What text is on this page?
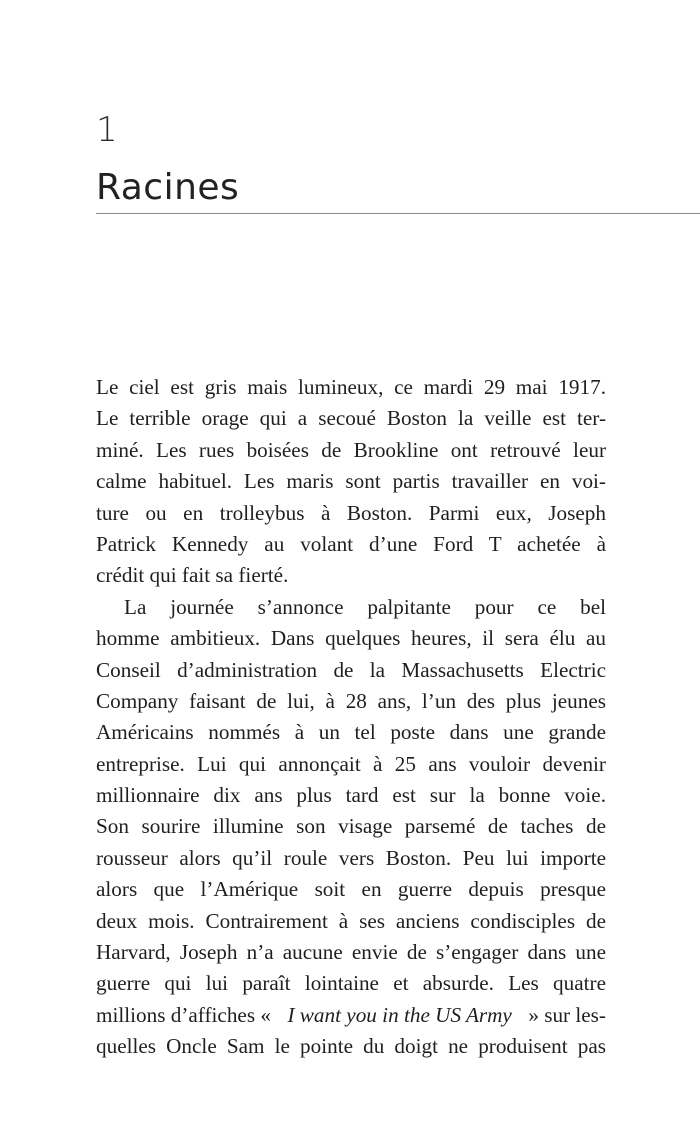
1
Racines
Le ciel est gris mais lumineux, ce mardi 29 mai 1917.
Le terrible orage qui a secoué Boston la veille est ter-
miné. Les rues boisées de Brookline ont retrouvé leur
calme habituel. Les maris sont partis travailler en voi-
ture ou en trolleybus à Boston. Parmi eux, Joseph
Patrick Kennedy au volant d’une Ford T achetée à
crédit qui fait sa fierté.
La journée s’annonce palpitante pour ce bel
homme ambitieux. Dans quelques heures, il sera élu au
Conseil d’administration de la Massachusetts Electric
Company faisant de lui, à 28 ans, l’un des plus jeunes
Américains nommés à un tel poste dans une grande
entreprise. Lui qui annonçait à 25 ans vouloir devenir
millionnaire dix ans plus tard est sur la bonne voie.
Son sourire illumine son visage parsemé de taches de
rousseur alors qu’il roule vers Boston. Peu lui importe
alors que l’Amérique soit en guerre depuis presque
deux mois. Contrairement à ses anciens condisciples de
Harvard, Joseph n’a aucune envie de s’engager dans une
guerre qui lui paraît lointaine et absurde. Les quatre
millions d’affiches « I want you in the US Army » sur les-
quelles Oncle Sam le pointe du doigt ne produisent pas
